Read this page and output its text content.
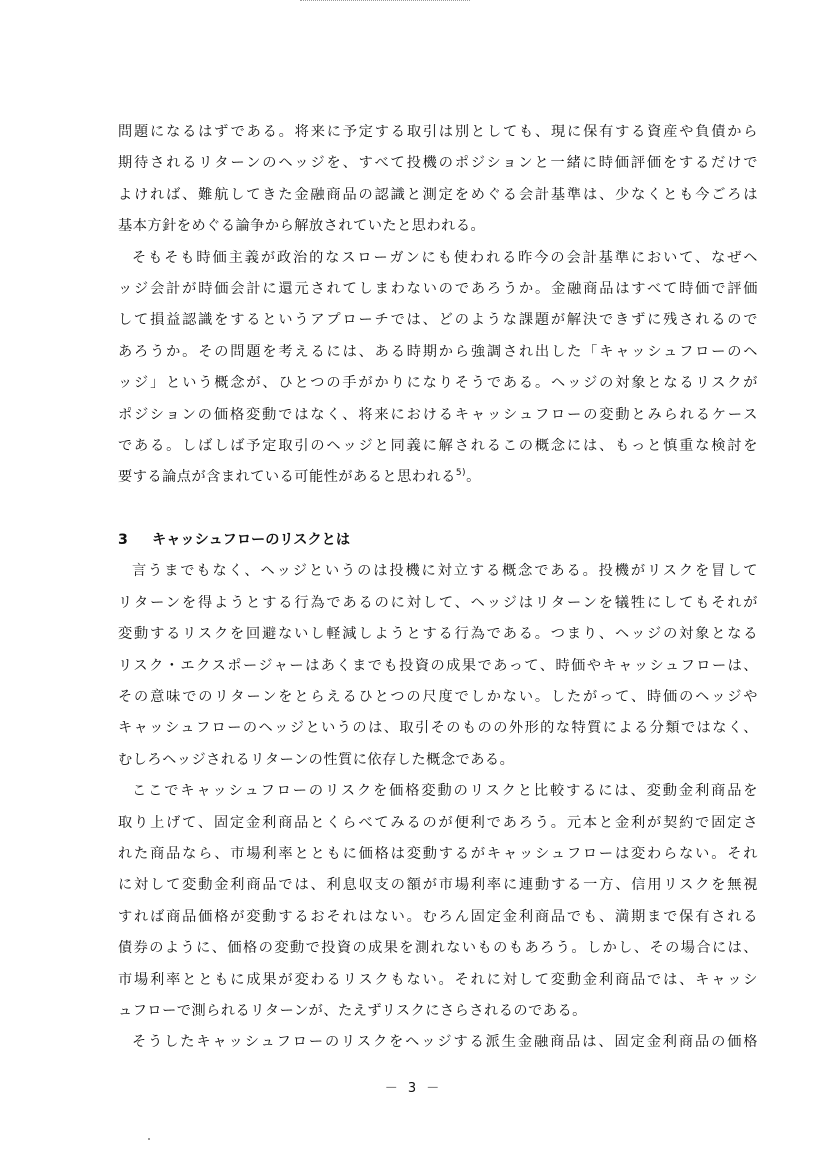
問題になるはずである。将来に予定する取引は別としても、現に保有する資産や負債から
期待されるリターンのヘッジを、すべて投機のポジションと一緒に時価評価をするだけで
よければ、難航してきた金融商品の認識と測定をめぐる会計基準は、少なくとも今ごろは
基本方針をめぐる論争から解放されていたと思われる。
そもそも時価主義が政治的なスローガンにも使われる昨今の会計基準において、なぜヘ
ッジ会計が時価会計に還元されてしまわないのであろうか。金融商品はすべて時価で評価
して損益認識をするというアプローチでは、どのような課題が解決できずに残されるので
あろうか。その問題を考えるには、ある時期から強調され出した「キャッシュフローのヘ
ッジ」という概念が、ひとつの手がかりになりそうである。ヘッジの対象となるリスクが
ポジションの価格変動ではなく、将来におけるキャッシュフローの変動とみられるケース
である。しばしば予定取引のヘッジと同義に解されるこの概念には、もっと慎重な検討を
要する論点が含まれている可能性があると思われる$^{5)}$。
3 キャッシュフローのリスクとは
言うまでもなく、ヘッジというのは投機に対立する概念である。投機がリスクを冒して
リターンを得ようとする行為であるのに対して、ヘッジはリターンを犠牲にしてもそれが
変動するリスクを回避ないし軽減しようとする行為である。つまり、ヘッジの対象となる
リスク・エクスポージャーはあくまでも投資の成果であって、時価やキャッシュフローは、
その意味でのリターンをとらえるひとつの尺度でしかない。したがって、時価のヘッジや
キャッシュフローのヘッジというのは、取引そのものの外形的な特質による分類ではなく、
むしろヘッジされるリターンの性質に依存した概念である。
ここでキャッシュフローのリスクを価格変動のリスクと比較するには、変動金利商品を
取り上げて、固定金利商品とくらべてみるのが便利であろう。元本と金利が契約で固定さ
れた商品なら、市場利率とともに価格は変動するがキャッシュフローは変わらない。それ
に対して変動金利商品では、利息収支の額が市場利率に連動する一方、信用リスクを無視
すれば商品価格が変動するおそれはない。むろん固定金利商品でも、満期まで保有される
債券のように、価格の変動で投資の成果を測れないものもあろう。しかし、その場合には、
市場利率とともに成果が変わるリスクもない。それに対して変動金利商品では、キャッシ
ュフローで測られるリターンが、たえずリスクにさらされるのである。
そうしたキャッシュフローのリスクをヘッジする派生金融商品は、固定金利商品の価格
－ 3 －
